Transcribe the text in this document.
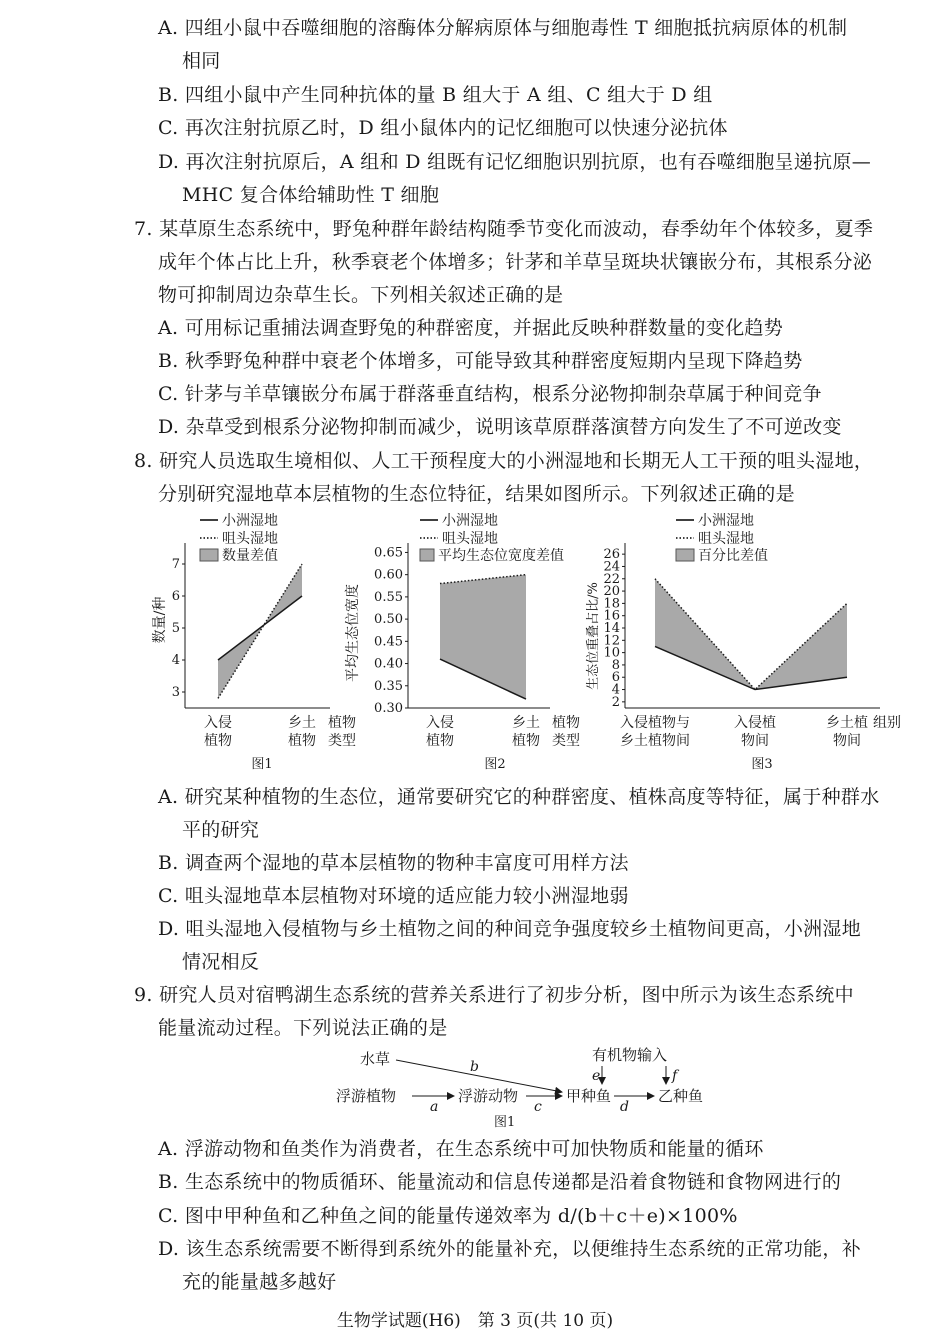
A. 四组小鼠中吞噬细胞的溶酶体分解病原体与细胞毒性 T 细胞抵抗病原体的机制
相同
B. 四组小鼠中产生同种抗体的量 B 组大于 A 组、C 组大于 D 组
C. 再次注射抗原乙时，D 组小鼠体内的记忆细胞可以快速分泌抗体
D. 再次注射抗原后，A 组和 D 组既有记忆细胞识别抗原，也有吞噬细胞呈递抗原—
MHC 复合体给辅助性 T 细胞
7. 某草原生态系统中，野兔种群年龄结构随季节变化而波动，春季幼年个体较多，夏季
成年个体占比上升，秋季衰老个体增多；针茅和羊草呈斑块状镶嵌分布，其根系分泌
物可抑制周边杂草生长。下列相关叙述正确的是
A. 可用标记重捕法调查野兔的种群密度，并据此反映种群数量的变化趋势
B. 秋季野兔种群中衰老个体增多，可能导致其种群密度短期内呈现下降趋势
C. 针茅与羊草镶嵌分布属于群落垂直结构，根系分泌物抑制杂草属于种间竞争
D. 杂草受到根系分泌物抑制而减少，说明该草原群落演替方向发生了不可逆改变
8. 研究人员选取生境相似、人工干预程度大的小洲湿地和长期无人工干预的咀头湿地，
分别研究湿地草本层植物的生态位特征，结果如图所示。下列叙述正确的是
小洲湿地
咀头湿地
数量差值
数量/种
乡土
图1
3
4
5
6
7
入侵
植物
植物
类型
植物
小洲湿地
咀头湿地
平均生态位宽度差值
平均生态位宽度
图2
0.30
0.35
0.40
0.45
0.50
0.55
0.60
0.65
入侵
植物
乡土
植物
植物
类型
小洲湿地
咀头湿地
百分比差值
生态位重叠占比/%
图3
2
4
6
8
10
12
14
16
18
20
22
24
26
入侵植物与
乡土植物间
入侵植
物间
乡土植
物间
组别
A. 研究某种植物的生态位，通常要研究它的种群密度、植株高度等特征，属于种群水
平的研究
B. 调查两个湿地的草本层植物的物种丰富度可用样方法
C. 咀头湿地草本层植物对环境的适应能力较小洲湿地弱
D. 咀头湿地入侵植物与乡土植物之间的种间竞争强度较乡土植物间更高，小洲湿地
情况相反
9. 研究人员对宿鸭湖生态系统的营养关系进行了初步分析，图中所示为该生态系统中
能量流动过程。下列说法正确的是
水草
浮游植物	浮游动物	甲种鱼	乙种鱼
有机物输入
b
a	c	d
e	f
图1
A. 浮游动物和鱼类作为消费者，在生态系统中可加快物质和能量的循环
B. 生态系统中的物质循环、能量流动和信息传递都是沿着食物链和食物网进行的
C. 图中甲种鱼和乙种鱼之间的能量传递效率为 d/(b＋c＋e)×100%
D. 该生态系统需要不断得到系统外的能量补充，以便维持生态系统的正常功能，补
充的能量越多越好
生物学试题(H6)　第 3 页(共 10 页)
